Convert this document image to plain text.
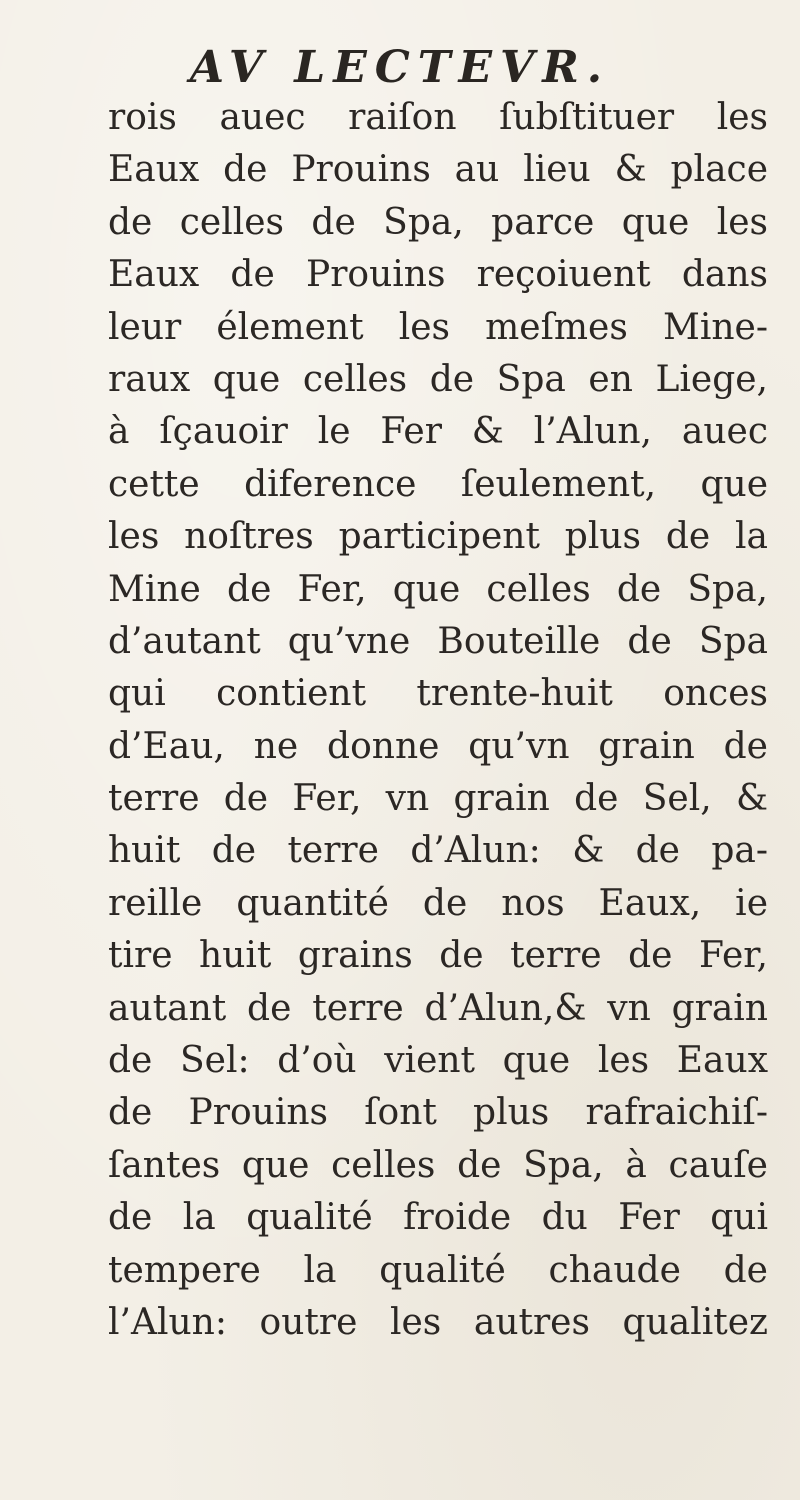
AV LECTEVR.
rois auec raiſon ſubſtituer les
Eaux de Prouins au lieu & place
de celles de Spa, parce que les
Eaux de Prouins reçoiuent dans
leur élement les meſmes Mine-
raux que celles de Spa en Liege,
à ſçauoir le Fer & l’Alun, auec
cette diference ſeulement, que
les noſtres participent plus de la
Mine de Fer, que celles de Spa,
d’autant qu’vne Bouteille de Spa
qui contient trente-huit onces
d’Eau, ne donne qu’vn grain de
terre de Fer, vn grain de Sel, &
huit de terre d’Alun: & de pa-
reille quantité de nos Eaux, ie
tire huit grains de terre de Fer,
autant de terre d’Alun,& vn grain
de Sel: d’où vient que les Eaux
de Prouins ſont plus rafraichiſ-
ſantes que celles de Spa, à cauſe
de la qualité froide du Fer qui
tempere la qualité chaude de
l’Alun: outre les autres qualitez
